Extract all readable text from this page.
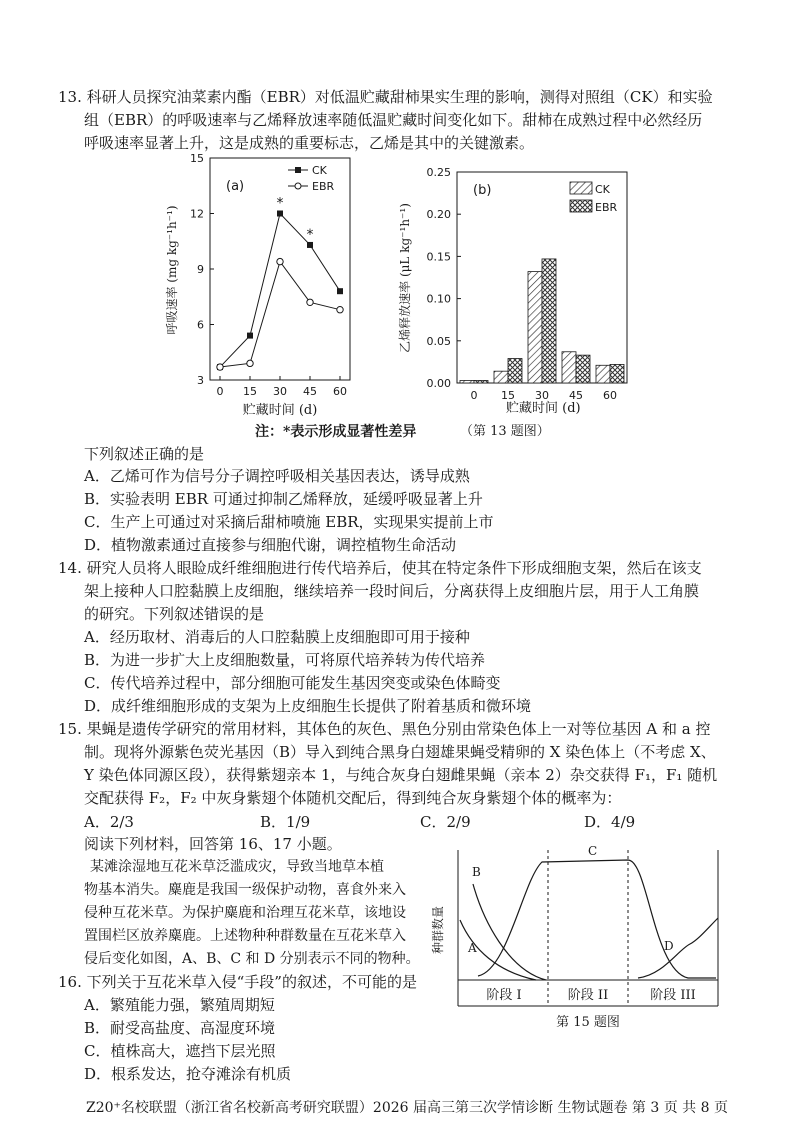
13. 科研人员探究油菜素内酯（EBR）对低温贮藏甜柿果实生理的影响，测得对照组（CK）和实验
组（EBR）的呼吸速率与乙烯释放速率随低温贮藏时间变化如下。甜柿在成熟过程中必然经历
呼吸速率显著上升，这是成熟的重要标志，乙烯是其中的关键激素。
3
6
9
12
15
0 15 30 45 60
(a)
CK
EBR
*
*
呼吸速率 (mg kg⁻¹h⁻¹)
贮藏时间 (d)
0.00
0.05
0.10
0.15
0.20
0.25
0 15 30 45 60
(b)	CK
EBR
乙烯释放速率 (μL kg⁻¹h⁻¹)
贮藏时间 (d)
注：*表示形成显著性差异	（第 13 题图）
下列叙述正确的是
A．乙烯可作为信号分子调控呼吸相关基因表达，诱导成熟
B．实验表明 EBR 可通过抑制乙烯释放，延缓呼吸显著上升
C．生产上可通过对采摘后甜柿喷施 EBR，实现果实提前上市
D．植物激素通过直接参与细胞代谢，调控植物生命活动
14. 研究人员将人眼睑成纤维细胞进行传代培养后，使其在特定条件下形成细胞支架，然后在该支
架上接种人口腔黏膜上皮细胞，继续培养一段时间后，分离获得上皮细胞片层，用于人工角膜
的研究。下列叙述错误的是
A．经历取材、消毒后的人口腔黏膜上皮细胞即可用于接种
B．为进一步扩大上皮细胞数量，可将原代培养转为传代培养
C．传代培养过程中，部分细胞可能发生基因突变或染色体畸变
D．成纤维细胞形成的支架为上皮细胞生长提供了附着基质和微环境
15. 果蝇是遗传学研究的常用材料，其体色的灰色、黑色分别由常染色体上一对等位基因 A 和 a 控
制。现将外源紫色荧光基因（B）导入到纯合黑身白翅雄果蝇受精卵的 X 染色体上（不考虑 X、
Y 染色体同源区段），获得紫翅亲本 1，与纯合灰身白翅雌果蝇（亲本 2）杂交获得 F₁，F₁ 随机
交配获得 F₂，F₂ 中灰身紫翅个体随机交配后，得到纯合灰身紫翅个体的概率为：
A．2/3	B．1/9	C．2/9	D．4/9
阅读下列材料，回答第 16、17 小题。
某滩涂湿地互花米草泛滥成灾，导致当地草本植
物基本消失。麋鹿是我国一级保护动物，喜食外来入
侵种互花米草。为保护麋鹿和治理互花米草，该地设
置围栏区放养麋鹿。上述物种种群数量在互花米草入
侵后变化如图，A、B、C 和 D 分别表示不同的物种。
16. 下列关于互花米草入侵“手段”的叙述，不可能的是
A．繁殖能力强，繁殖周期短
B．耐受高盐度、高湿度环境
C．植株高大，遮挡下层光照
D．根系发达，抢夺滩涂有机质
A
B
C
D
种群数量
阶段 I	阶段 II	阶段 III
第 15 题图
Z20⁺名校联盟（浙江省名校新高考研究联盟）2026 届高三第三次学情诊断 生物试题卷 第 3 页 共 8 页
